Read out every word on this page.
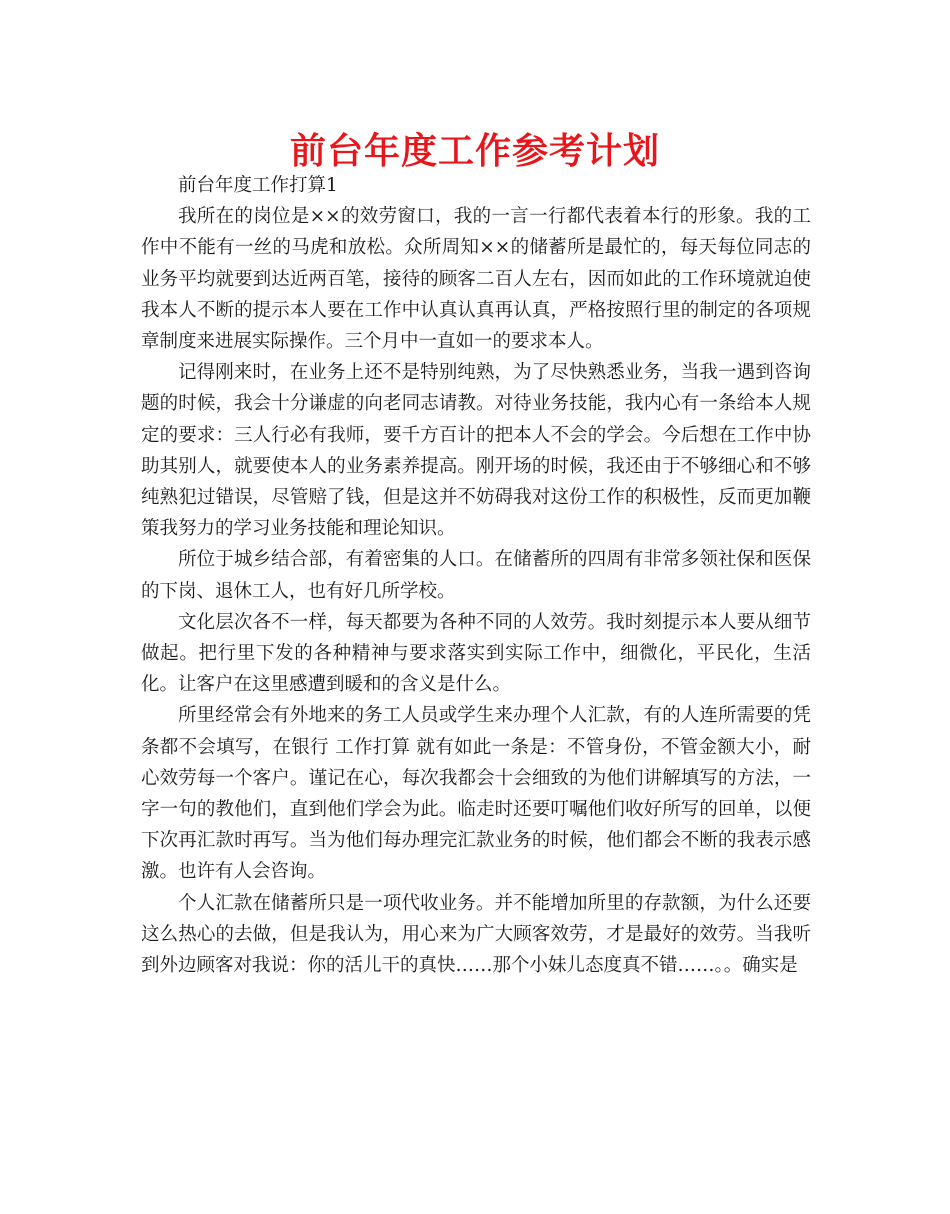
前台年度工作参考计划

前台年度工作打算1

我所在的岗位是××的效劳窗口，我的一言一行都代表着本行的形象。我的工作中不能有一丝的马虎和放松。众所周知××的储蓄所是最忙的，每天每位同志的业务平均就要到达近两百笔，接待的顾客二百人左右，因而如此的工作环境就迫使我本人不断的提示本人要在工作中认真认真再认真，严格按照行里的制定的各项规章制度来进展实际操作。三个月中一直如一的要求本人。

记得刚来时，在业务上还不是特别纯熟，为了尽快熟悉业务，当我一遇到咨询题的时候，我会十分谦虚的向老同志请教。对待业务技能，我内心有一条给本人规定的要求：三人行必有我师，要千方百计的把本人不会的学会。今后想在工作中协助其别人，就要使本人的业务素养提高。刚开场的时候，我还由于不够细心和不够纯熟犯过错误，尽管赔了钱，但是这并不妨碍我对这份工作的积极性，反而更加鞭策我努力的学习业务技能和理论知识。

所位于城乡结合部，有着密集的人口。在储蓄所的四周有非常多领社保和医保的下岗、退休工人，也有好几所学校。

文化层次各不一样，每天都要为各种不同的人效劳。我时刻提示本人要从细节做起。把行里下发的各种精神与要求落实到实际工作中，细微化，平民化，生活化。让客户在这里感遭到暖和的含义是什么。

所里经常会有外地来的务工人员或学生来办理个人汇款，有的人连所需要的凭条都不会填写，在银行 工作打算 就有如此一条是：不管身份，不管金额大小，耐心效劳每一个客户。谨记在心，每次我都会十会细致的为他们讲解填写的方法，一字一句的教他们，直到他们学会为此。临走时还要叮嘱他们收好所写的回单，以便下次再汇款时再写。当为他们每办理完汇款业务的时候，他们都会不断的我表示感激。也许有人会咨询。

个人汇款在储蓄所只是一项代收业务。并不能增加所里的存款额，为什么还要这么热心的去做，但是我认为，用心来为广大顾客效劳，才是最好的效劳。当我听到外边顾客对我说：你的活儿干的真快……那个小妹儿态度真不错……。。确实是
